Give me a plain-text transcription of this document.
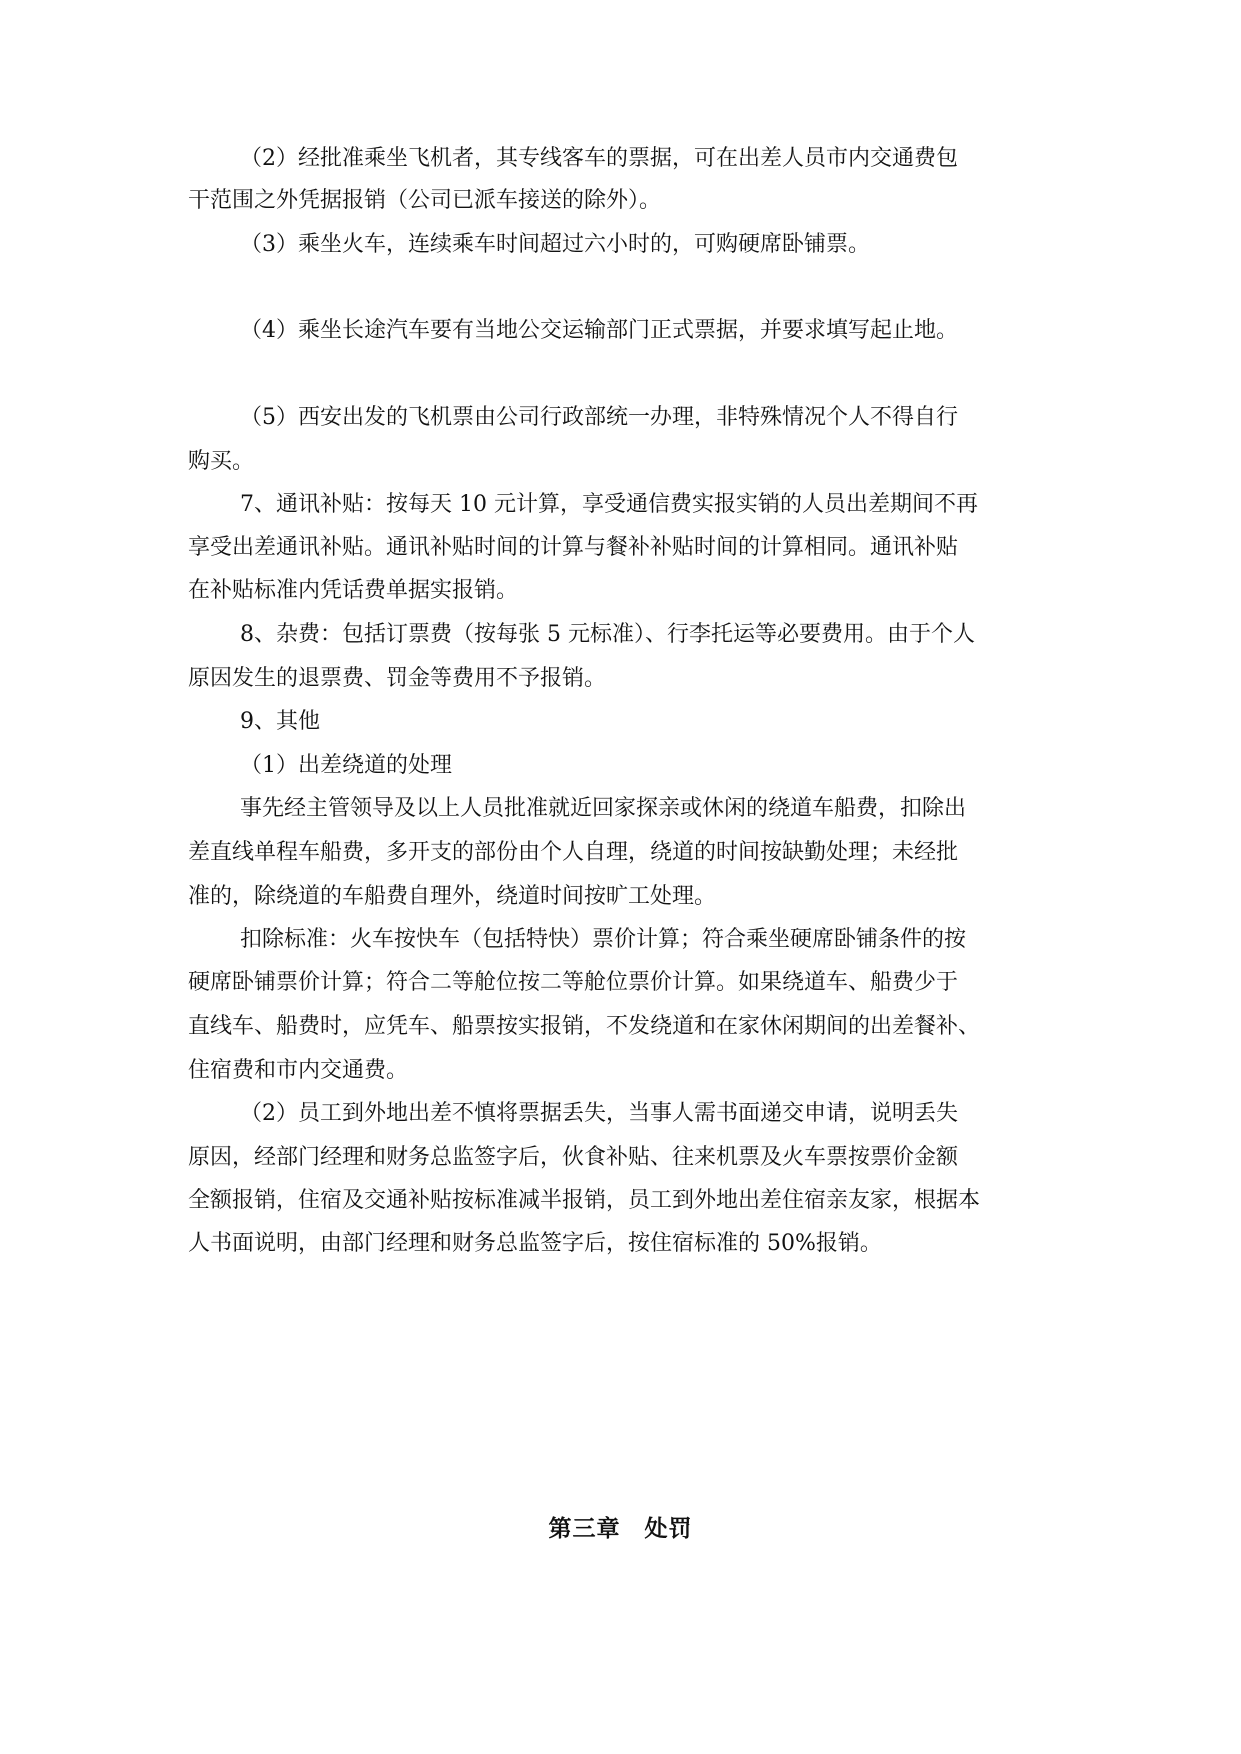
（2）经批准乘坐飞机者，其专线客车的票据，可在出差人员市内交通费包
干范围之外凭据报销（公司已派车接送的除外）。
（3）乘坐火车，连续乘车时间超过六小时的，可购硬席卧铺票。
（4）乘坐长途汽车要有当地公交运输部门正式票据，并要求填写起止地。
（5）西安出发的飞机票由公司行政部统一办理，非特殊情况个人不得自行
购买。
7、通讯补贴：按每天 10 元计算，享受通信费实报实销的人员出差期间不再
享受出差通讯补贴。通讯补贴时间的计算与餐补补贴时间的计算相同。通讯补贴
在补贴标准内凭话费单据实报销。
8、杂费：包括订票费（按每张 5 元标准）、行李托运等必要费用。由于个人
原因发生的退票费、罚金等费用不予报销。
9、其他
（1）出差绕道的处理
事先经主管领导及以上人员批准就近回家探亲或休闲的绕道车船费，扣除出
差直线单程车船费，多开支的部份由个人自理，绕道的时间按缺勤处理；未经批
准的，除绕道的车船费自理外，绕道时间按旷工处理。
扣除标准：火车按快车（包括特快）票价计算；符合乘坐硬席卧铺条件的按
硬席卧铺票价计算；符合二等舱位按二等舱位票价计算。如果绕道车、船费少于
直线车、船费时，应凭车、船票按实报销，不发绕道和在家休闲期间的出差餐补、
住宿费和市内交通费。
（2）员工到外地出差不慎将票据丢失，当事人需书面递交申请，说明丢失
原因，经部门经理和财务总监签字后，伙食补贴、往来机票及火车票按票价金额
全额报销，住宿及交通补贴按标准减半报销，员工到外地出差住宿亲友家，根据本
人书面说明，由部门经理和财务总监签字后，按住宿标准的 50%报销。
第三章　处罚
